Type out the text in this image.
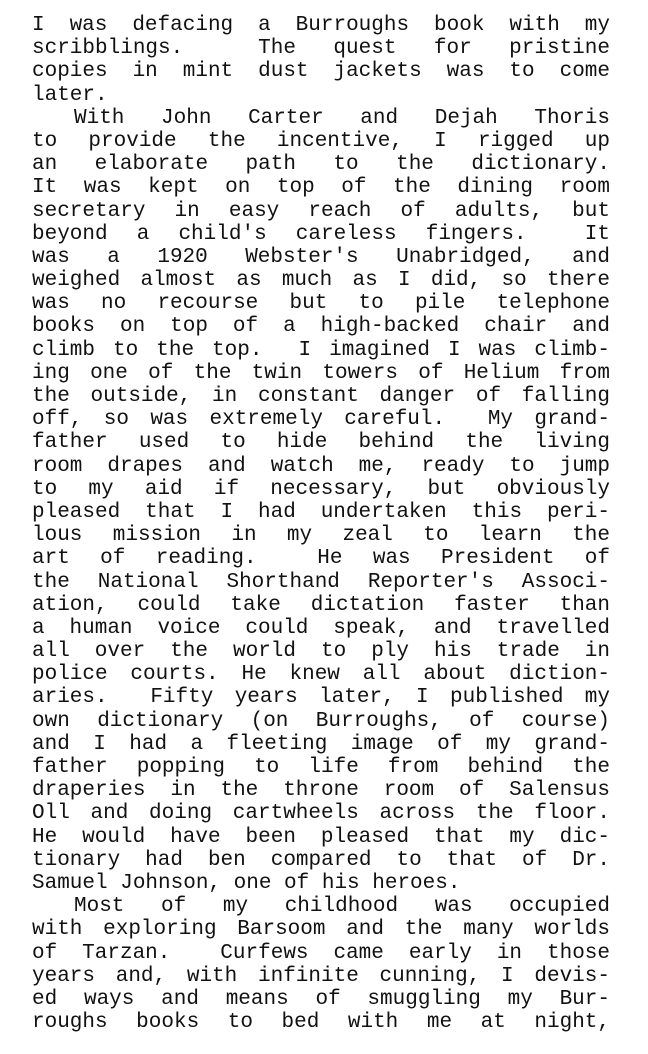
I was defacing a Burroughs book with my
scribblings.  The quest for pristine
copies in mint dust jackets was to come
later.
With John Carter and Dejah Thoris
to provide the incentive, I rigged up
an elaborate path to the dictionary.
It was kept on top of the dining room
secretary in easy reach of adults, but
beyond a child's careless fingers.  It
was a 1920 Webster's Unabridged, and
weighed almost as much as I did, so there
was no recourse but to pile telephone
books on top of a high-backed chair and
climb to the top.  I imagined I was climb-
ing one of the twin towers of Helium from
the outside, in constant danger of falling
off, so was extremely careful.  My grand-
father used to hide behind the living
room drapes and watch me, ready to jump
to my aid if necessary, but obviously
pleased that I had undertaken this peri-
lous mission in my zeal to learn the
art of reading.  He was President of
the National Shorthand Reporter's Associ-
ation, could take dictation faster than
a human voice could speak, and travelled
all over the world to ply his trade in
police courts. He knew all about diction-
aries.  Fifty years later, I published my
own dictionary (on Burroughs, of course)
and I had a fleeting image of my grand-
father popping to life from behind the
draperies in the throne room of Salensus
Oll and doing cartwheels across the floor.
He would have been pleased that my dic-
tionary had ben compared to that of Dr.
Samuel Johnson, one of his heroes.
Most of my childhood was occupied
with exploring Barsoom and the many worlds
of Tarzan.  Curfews came early in those
years and, with infinite cunning, I devis-
ed ways and means of smuggling my Bur-
roughs books to bed with me at night,
